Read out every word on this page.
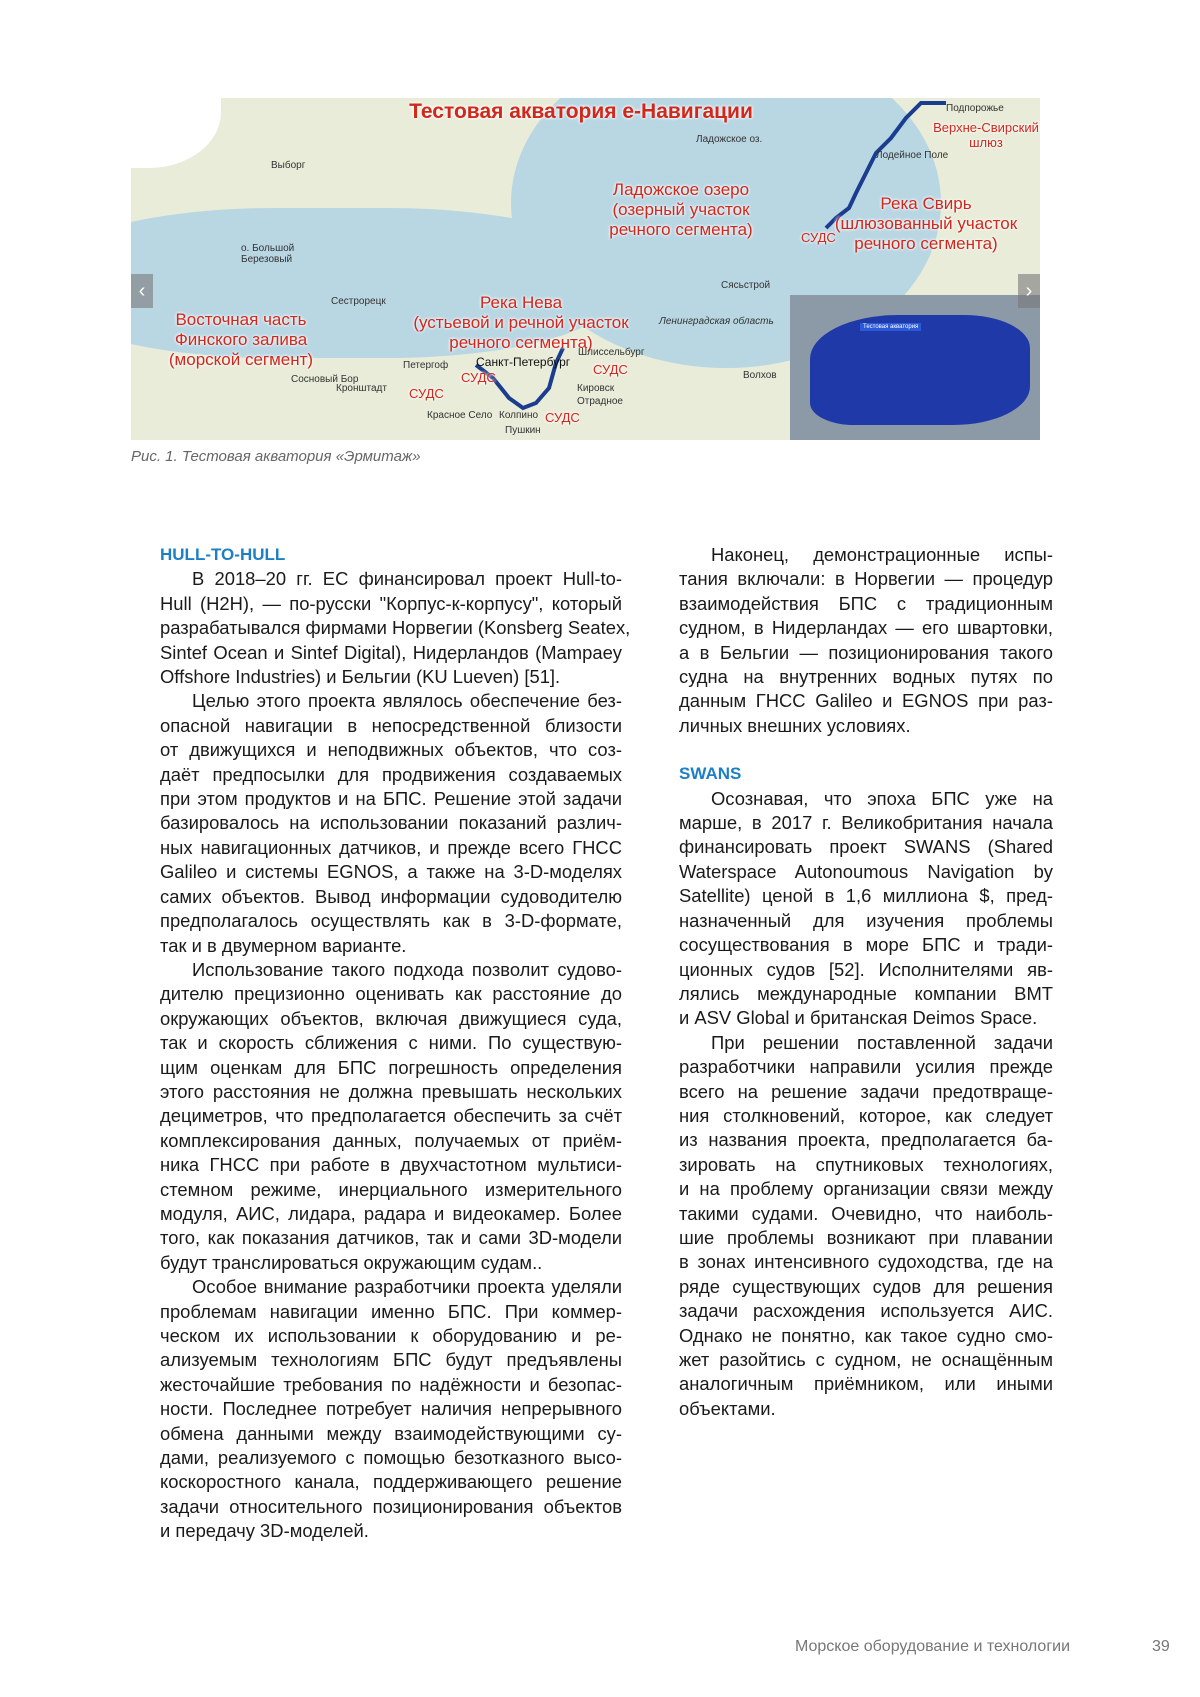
Тестовая акватория е-Навигации
Ладожское озеро
(озерный участок
речного сегмента)
Река Свирь
(шлюзованный участок
речного сегмента)
Река Нева
(устьевой и речной участок
речного сегмента)
Восточная часть
Финского залива
(морской сегмент)
Верхне-Свирский
шлюз
СУДС
СУДС
СУДС
СУДС
СУДС
Выборг
Санкт-Петербург
Сосновый Бор
Петергоф
Красное Село Колпино
Пушкин
Шлиссельбург
Кировск
Отрадное
Сестрорецк
Кронштадт
Подпорожье
Лодейное Поле
Волхов
Сясьстрой
Ленинградская область
Ладожское оз.
о. Большой Березовый
‹
Тестовая акватория
›
Рис. 1. Тестовая акватория «Эрмитаж»
HULL-TO-HULL
В 2018–20 гг. ЕС финансировал проект Hull-to-
Hull (H2H), — по-русски "Корпус-к-корпусу", который
разрабатывался фирмами Норвегии (Konsberg Seatex,
Sintef Ocean и Sintef Digital), Нидерландов (Mampaey
Offshore Industries) и Бельгии (KU Lueven) [51].
Целью этого проекта являлось обеспечение без-
опасной навигации в непосредственной близости
от движущихся и неподвижных объектов, что соз-
даёт предпосылки для продвижения создаваемых
при этом продуктов и на БПС. Решение этой задачи
базировалось на использовании показаний различ-
ных навигационных датчиков, и прежде всего ГНСС
Galileo и системы EGNOS, а также на 3-D-моделях
самих объектов. Вывод информации судоводителю
предполагалось осуществлять как в 3-D-формате,
так и в двумерном варианте.
Использование такого подхода позволит судово-
дителю прецизионно оценивать как расстояние до
окружающих объектов, включая движущиеся суда,
так и скорость сближения с ними. По существую-
щим оценкам для БПС погрешность определения
этого расстояния не должна превышать нескольких
дециметров, что предполагается обеспечить за счёт
комплексирования данных, получаемых от приём-
ника ГНСС при работе в двухчастотном мультиси-
стемном режиме, инерциального измерительного
модуля, АИС, лидара, радара и видеокамер. Более
того, как показания датчиков, так и сами 3D-модели
будут транслироваться окружающим судам..
Особое внимание разработчики проекта уделяли
проблемам навигации именно БПС. При коммер-
ческом их использовании к оборудованию и ре-
ализуемым технологиям БПС будут предъявлены
жесточайшие требования по надёжности и безопас-
ности. Последнее потребует наличия непрерывного
обмена данными между взаимодействующими су-
дами, реализуемого с помощью безотказного высо-
коскоростного канала, поддерживающего решение
задачи относительного позиционирования объектов
и передачу 3D-моделей.
Наконец, демонстрационные испы-
тания включали: в Норвегии — процедур
взаимодействия БПС с традиционным
судном, в Нидерландах — его швартовки,
а в Бельгии — позиционирования такого
судна на внутренних водных путях по
данным ГНСС Galileo и EGNOS при раз-
личных внешних условиях.
SWANS
Осознавая, что эпоха БПС уже на
марше, в 2017 г. Великобритания начала
финансировать проект SWANS (Shared
Waterspace Autonoumous Navigation by
Satellite) ценой в 1,6 миллиона $, пред-
назначенный для изучения проблемы
сосуществования в море БПС и тради-
ционных судов [52]. Исполнителями яв-
лялись международные компании BMT
и ASV Global и британская Deimos Space.
При решении поставленной задачи
разработчики направили усилия прежде
всего на решение задачи предотвраще-
ния столкновений, которое, как следует
из названия проекта, предполагается ба-
зировать на спутниковых технологиях,
и на проблему организации связи между
такими судами. Очевидно, что наиболь-
шие проблемы возникают при плавании
в зонах интенсивного судоходства, где на
ряде существующих судов для решения
задачи расхождения используется АИС.
Однако не понятно, как такое судно смо-
жет разойтись с судном, не оснащённым
аналогичным приёмником, или иными
объектами.
Морское оборудование и технологии	39
